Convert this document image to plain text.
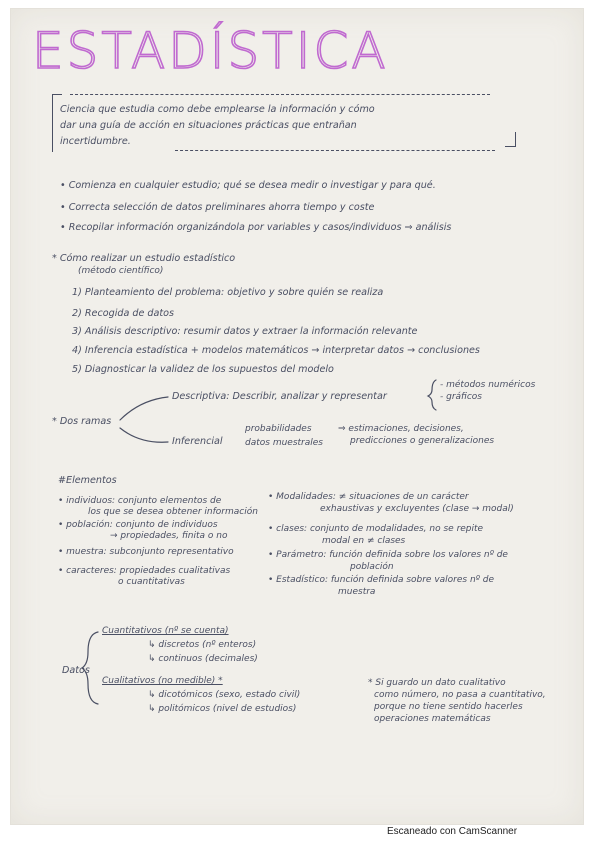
ESTADÍSTICA
Ciencia que estudia como debe emplearse la información y cómo
dar una guía de acción en situaciones prácticas que entrañan
incertidumbre.
• Comienza en cualquier estudio; qué se desea medir o investigar y para qué.
• Correcta selección de datos preliminares ahorra tiempo y coste
• Recopilar información organizándola por variables y casos/individuos ⇒ análisis
* Cómo realizar un estudio estadístico
(método científico)
1) Planteamiento del problema: objetivo y sobre quién se realiza
2) Recogida de datos
3) Análisis descriptivo: resumir datos y extraer la información relevante
4) Inferencia estadística + modelos matemáticos → interpretar datos → conclusiones
5) Diagnosticar la validez de los supuestos del modelo
* Dos ramas
Descriptiva: Describir, analizar y representar
- métodos numéricos
- gráficos
Inferencial
probabilidades
datos muestrales
⇒ estimaciones, decisiones,
predicciones o generalizaciones
#Elementos
• individuos: conjunto elementos de
los que se desea obtener información
• población: conjunto de individuos
→ propiedades, finita o no
• muestra: subconjunto representativo
• caracteres: propiedades cualitativas
o cuantitativas
• Modalidades: ≠ situaciones de un carácter
exhaustivas y excluyentes (clase → modal)
• clases: conjunto de modalidades, no se repite
modal en ≠ clases
• Parámetro: función definida sobre los valores nº de
población
• Estadístico: función definida sobre valores nº de
muestra
Datos
Cuantitativos (nº se cuenta)
↳ discretos (nº enteros)
↳ continuos (decimales)
Cualitativos (no medible) *
↳ dicotómicos (sexo, estado civil)
↳ politómicos (nivel de estudios)
* Si guardo un dato cualitativo
como número, no pasa a cuantitativo,
porque no tiene sentido hacerles
operaciones matemáticas
Escaneado con CamScanner
